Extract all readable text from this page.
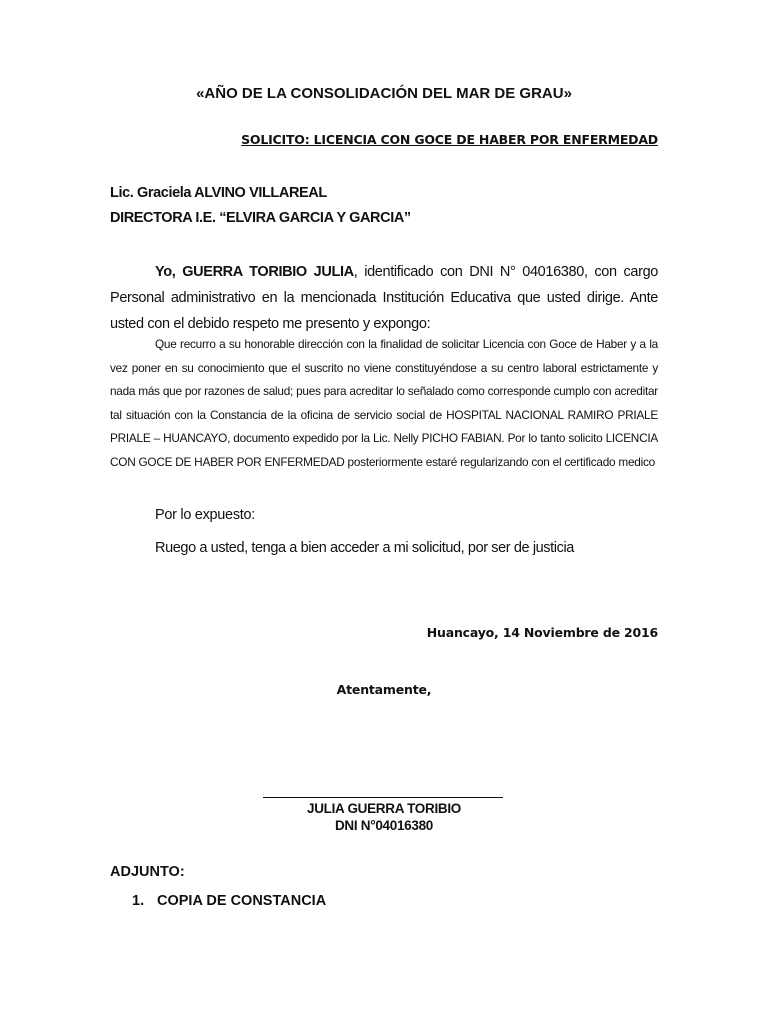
«AÑO DE LA CONSOLIDACIÓN DEL MAR DE GRAU»
SOLICITO: LICENCIA CON GOCE DE HABER POR ENFERMEDAD
Lic. Graciela ALVINO VILLAREAL
DIRECTORA I.E. “ELVIRA GARCIA Y GARCIA”
Yo, GUERRA TORIBIO JULIA, identificado con DNI N° 04016380, con cargo Personal administrativo en la mencionada Institución Educativa que usted dirige. Ante usted con el debido respeto me presento y expongo:
Que recurro a su honorable dirección con la finalidad de solicitar Licencia con Goce de Haber y a la vez poner en su conocimiento que el suscrito no viene constituyéndose a su centro laboral estrictamente y nada más que por razones de salud; pues para acreditar lo señalado como corresponde cumplo con acreditar tal situación con la Constancia de la oficina de servicio social de HOSPITAL NACIONAL RAMIRO PRIALE PRIALE – HUANCAYO, documento expedido por la Lic. Nelly PICHO FABIAN. Por lo tanto solicito LICENCIA CON GOCE DE HABER POR ENFERMEDAD posteriormente estaré regularizando con el certificado medico
Por lo expuesto:
Ruego a usted, tenga a bien acceder a mi solicitud, por ser de justicia
Huancayo, 14 Noviembre de 2016
Atentamente,
JULIA GUERRA TORIBIO
DNI N°04016380
ADJUNTO:
1. COPIA DE CONSTANCIA
